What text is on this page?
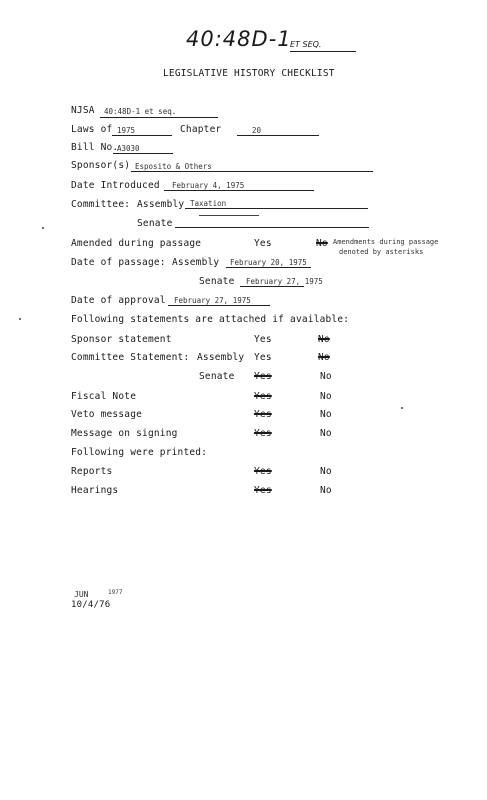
40:48D-1
ET SEQ.
LEGISLATIVE HISTORY CHECKLIST
NJSA 40:48D-1 et seq.
Laws of 1975	Chapter	20
Bill No.
A3030
Sponsor(s) Esposito & Others
Date Introduced February 4, 1975
Committee: Assembly Taxation
Senate
Amended during passage	Yes	No Amendments during passage
denoted by asterisks
Date of passage: Assembly February 20, 1975
Senate February 27, 1975
Date of approval February 27, 1975
Following statements are attached if available:
Sponsor statement	Yes	No
Committee Statement: Assembly Yes	No
Senate Yes	No
Fiscal Note	Yes	No
Veto message	Yes	No
Message on signing	Yes	No
Following were printed:
Reports	Yes	No
Hearings	Yes	No
JUN	1977
10/4/76
